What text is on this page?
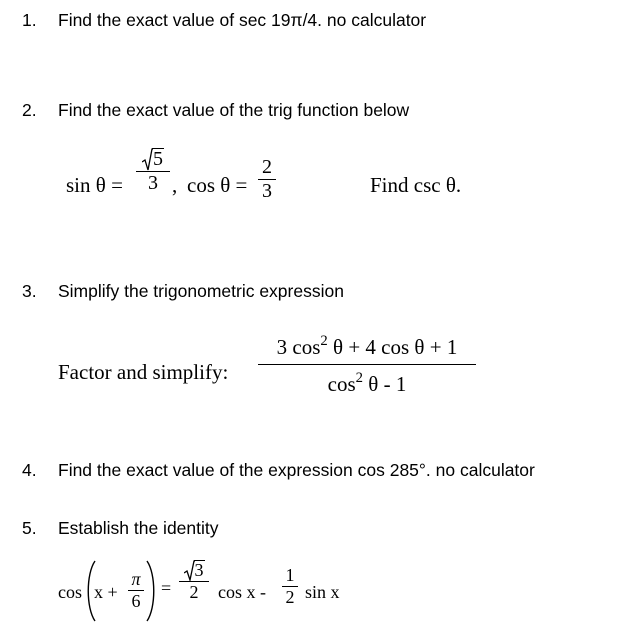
1. Find the exact value of sec 19π/4. no calculator
2. Find the exact value of the trig function below
sin θ =
5
3 , cos θ =
2
3	Find csc θ.
3. Simplify the trigonometric expression
Factor and simplify:
3 $\cos^2 \theta + 4$ cos θ + 1
$\cos^2 \theta - 1$
4. Find the exact value of the expression cos 285°. no calculator
5. Establish the identity
cos x +
π
6
=
3
2	cos x -
1
2 sin x
